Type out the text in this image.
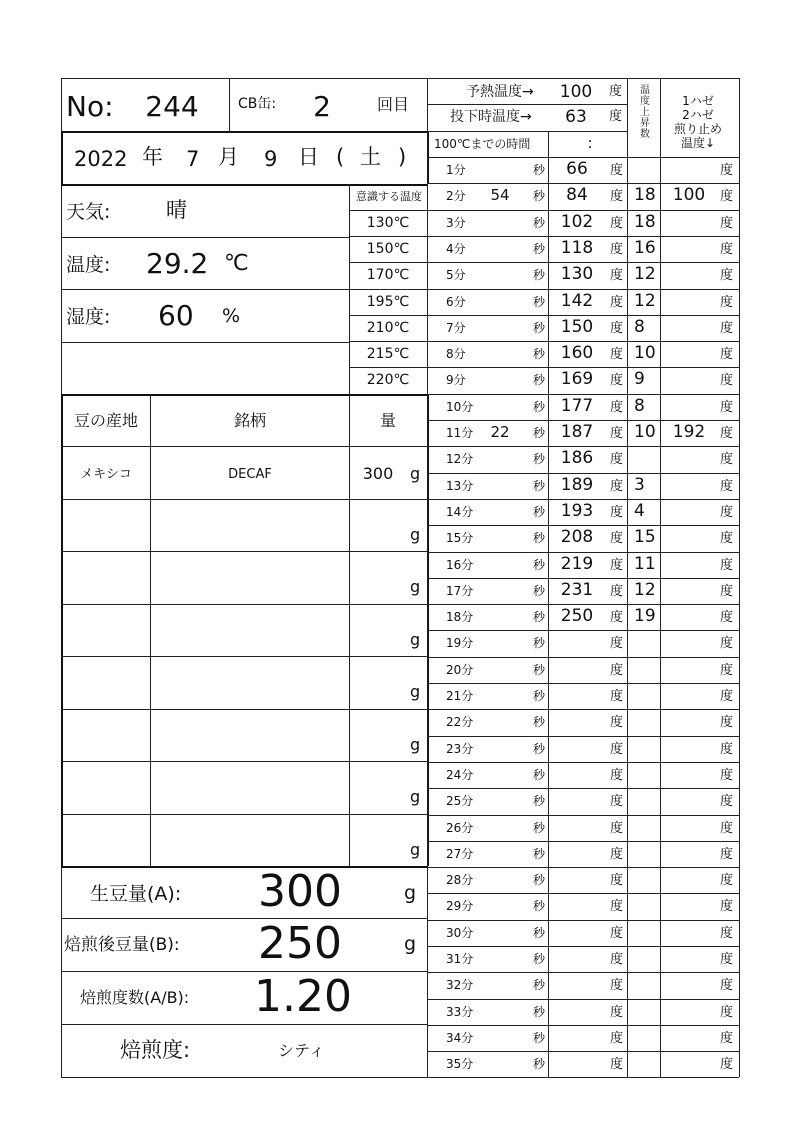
No: 244	CB缶: 2	回目
2022 年 7 月 9 日 ( 土 )
天気:	晴
温度: 29.2 ℃
湿度: 60 %
意識する温度
130℃
150℃
170℃
195℃
210℃
215℃
220℃
豆の産地	銘柄	量
メキシコ	DECAF	300 g
g
g
g
g
g
g
g
生豆量(A): 300	g
焙煎後豆量(B): 250	g
焙煎度数(A/B): 1.20
焙煎度:	シティ
予熱温度→ 100 度
投下時温度→ 63 度
100℃までの時間	:
温
度
上
昇
数
1ハゼ
2ハゼ
煎り止め
温度↓
1分	秒 66 度	度
2分 54 秒 84 度 18 100 度
3分	秒 102 度 18	度
4分	秒 118 度 16	度
5分	秒 130 度 12	度
6分	秒 142 度 12	度
7分	秒 150 度 8	度
8分	秒 160 度 10	度
9分	秒 169 度 9	度
10分	秒 177 度 8	度
11分 22 秒 187 度 10 192 度
12分	秒 186 度	度
13分	秒 189 度 3	度
14分	秒 193 度 4	度
15分	秒 208 度 15	度
16分	秒 219 度 11	度
17分	秒 231 度 12	度
18分	秒 250 度 19	度
19分	秒	度	度
20分	秒	度	度
21分	秒	度	度
22分	秒	度	度
23分	秒	度	度
24分	秒	度	度
25分	秒	度	度
26分	秒	度	度
27分	秒	度	度
28分	秒	度	度
29分	秒	度	度
30分	秒	度	度
31分	秒	度	度
32分	秒	度	度
33分	秒	度	度
34分	秒	度	度
35分	秒	度	度
